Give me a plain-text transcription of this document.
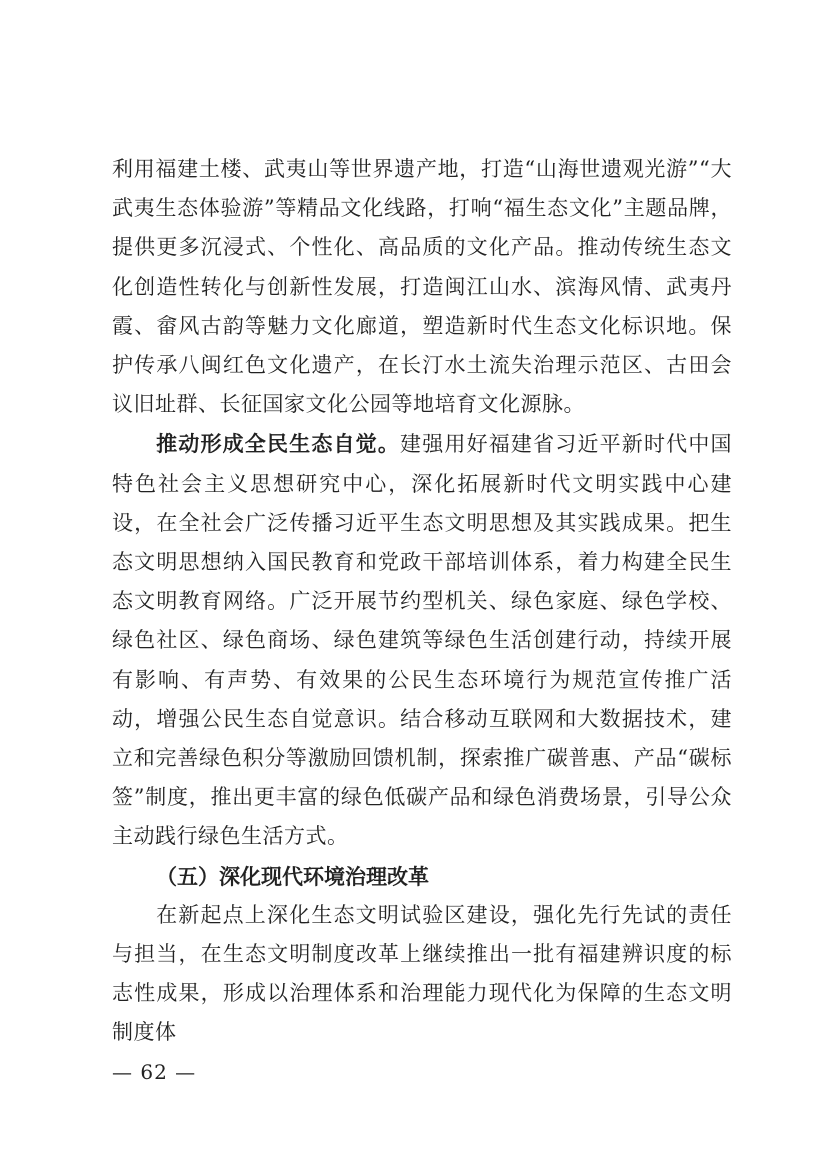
利用福建土楼、武夷山等世界遗产地，打造“山海世遗观光游”“大武夷生态体验游”等精品文化线路，打响“福生态文化”主题品牌，提供更多沉浸式、个性化、高品质的文化产品。推动传统生态文化创造性转化与创新性发展，打造闽江山水、滨海风情、武夷丹霞、畲风古韵等魅力文化廊道，塑造新时代生态文化标识地。保护传承八闽红色文化遗产，在长汀水土流失治理示范区、古田会议旧址群、长征国家文化公园等地培育文化源脉。

推动形成全民生态自觉。建强用好福建省习近平新时代中国特色社会主义思想研究中心，深化拓展新时代文明实践中心建设，在全社会广泛传播习近平生态文明思想及其实践成果。把生态文明思想纳入国民教育和党政干部培训体系，着力构建全民生态文明教育网络。广泛开展节约型机关、绿色家庭、绿色学校、绿色社区、绿色商场、绿色建筑等绿色生活创建行动，持续开展有影响、有声势、有效果的公民生态环境行为规范宣传推广活动，增强公民生态自觉意识。结合移动互联网和大数据技术，建立和完善绿色积分等激励回馈机制，探索推广碳普惠、产品“碳标签”制度，推出更丰富的绿色低碳产品和绿色消费场景，引导公众主动践行绿色生活方式。

（五）深化现代环境治理改革

在新起点上深化生态文明试验区建设，强化先行先试的责任与担当，在生态文明制度改革上继续推出一批有福建辨识度的标志性成果，形成以治理体系和治理能力现代化为保障的生态文明制度体

— 62 —
